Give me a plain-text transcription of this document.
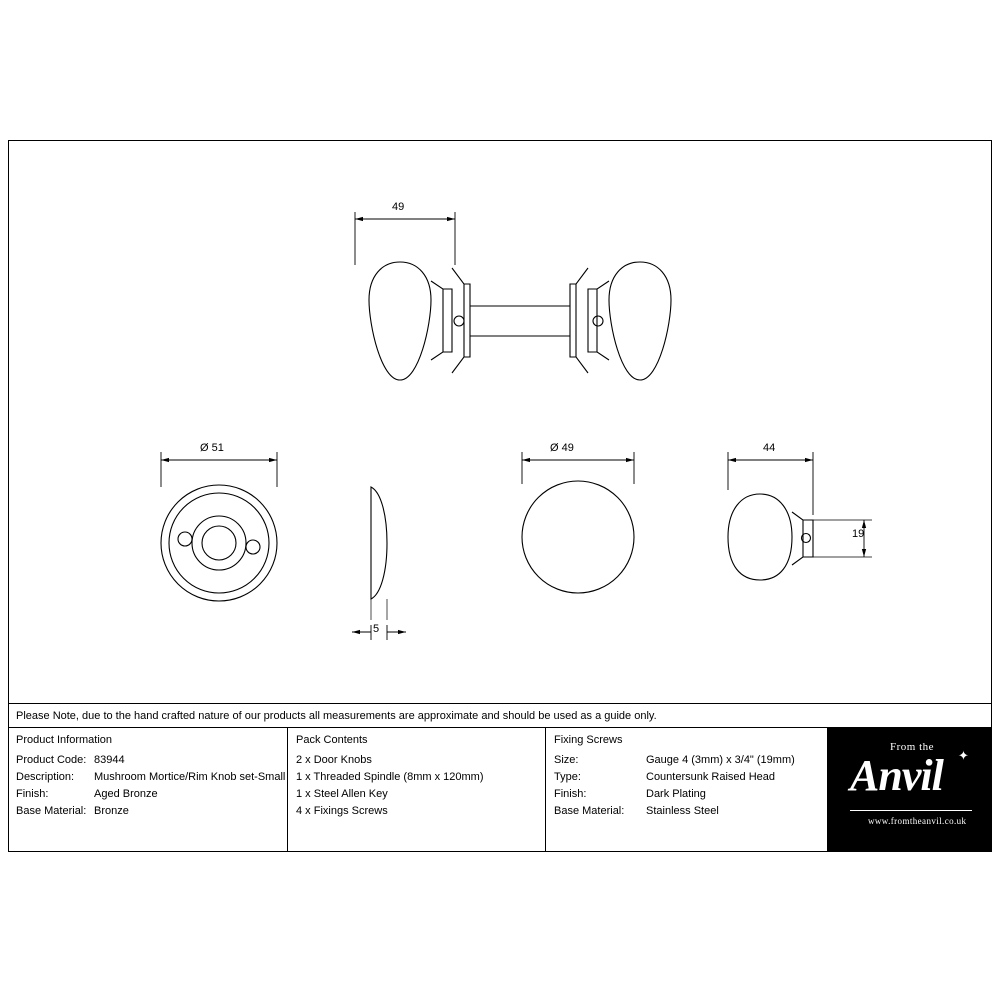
49
Ø 51
5
Ø 49	44
19
Please Note, due to the hand crafted nature of our products all measurements are approximate and should be used as a guide only.
Product Information
Product Code: 83944
Description:	Mushroom Mortice/Rim Knob set-Small
Finish:	Aged Bronze
Base Material: Bronze
Pack Contents
2 x Door Knobs
1 x Threaded Spindle (8mm x 120mm)
1 x Steel Allen Key
4 x Fixings Screws
Fixing Screws
Size:	Gauge 4 (3mm) x 3/4" (19mm)
Type:	Countersunk Raised Head
Finish:	Dark Plating
Base Material:	Stainless Steel
From the
Anvil ✦
www.fromtheanvil.co.uk
